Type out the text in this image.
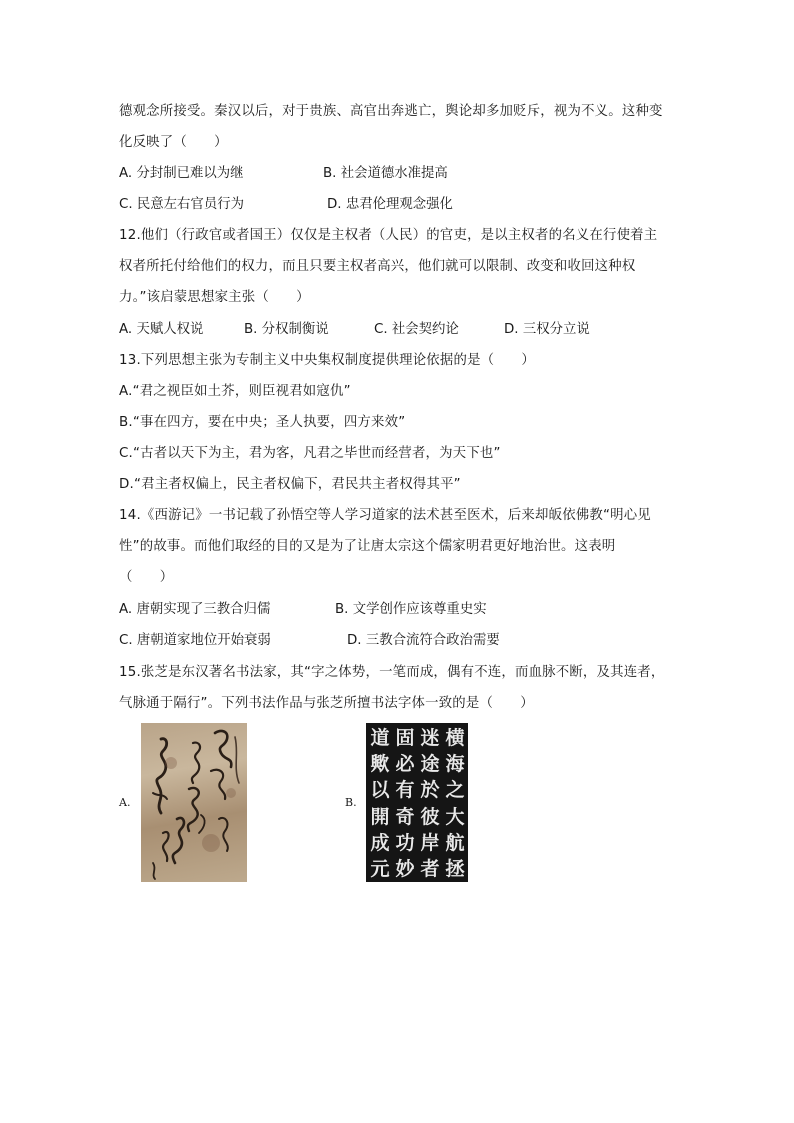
德观念所接受。秦汉以后，对于贵族、高官出奔逃亡，舆论却多加贬斥，视为不义。这种变
化反映了（　　）
A. 分封制已难以为继	B. 社会道德水准提高
C. 民意左右官员行为	D. 忠君伦理观念强化
12.他们（行政官或者国王）仅仅是主权者（人民）的官吏，是以主权者的名义在行使着主
权者所托付给他们的权力，而且只要主权者高兴，他们就可以限制、改变和收回这种权
力。”该启蒙思想家主张（　　）
A. 天赋人权说	B. 分权制衡说	C. 社会契约论	D. 三权分立说
13.下列思想主张为专制主义中央集权制度提供理论依据的是（　　）
A.“君之视臣如土芥，则臣视君如寇仇”
B.“事在四方，要在中央；圣人执要，四方来效”
C.“古者以天下为主，君为客，凡君之毕世而经营者，为天下也”
D.“君主者权偏上，民主者权偏下，君民共主者权得其平”
14.《西游记》一书记载了孙悟空等人学习道家的法术甚至医术，后来却皈依佛教“明心见
性”的故事。而他们取经的目的又是为了让唐太宗这个儒家明君更好地治世。这表明
（　　）
A. 唐朝实现了三教合归儒	B. 文学创作应该尊重史实
C. 唐朝道家地位开始衰弱	D. 三教合流符合政治需要
15.张芝是东汉著名书法家，其“字之体势，一笔而成，偶有不连，而血脉不断，及其连者，
气脉通于隔行”。下列书法作品与张芝所擅书法字体一致的是（　　）
A.	B.
横
海
之
大
航
拯
迷
途
於
彼
岸
者
固
必
有
奇
功
妙
道
歟
以
開
成
元
